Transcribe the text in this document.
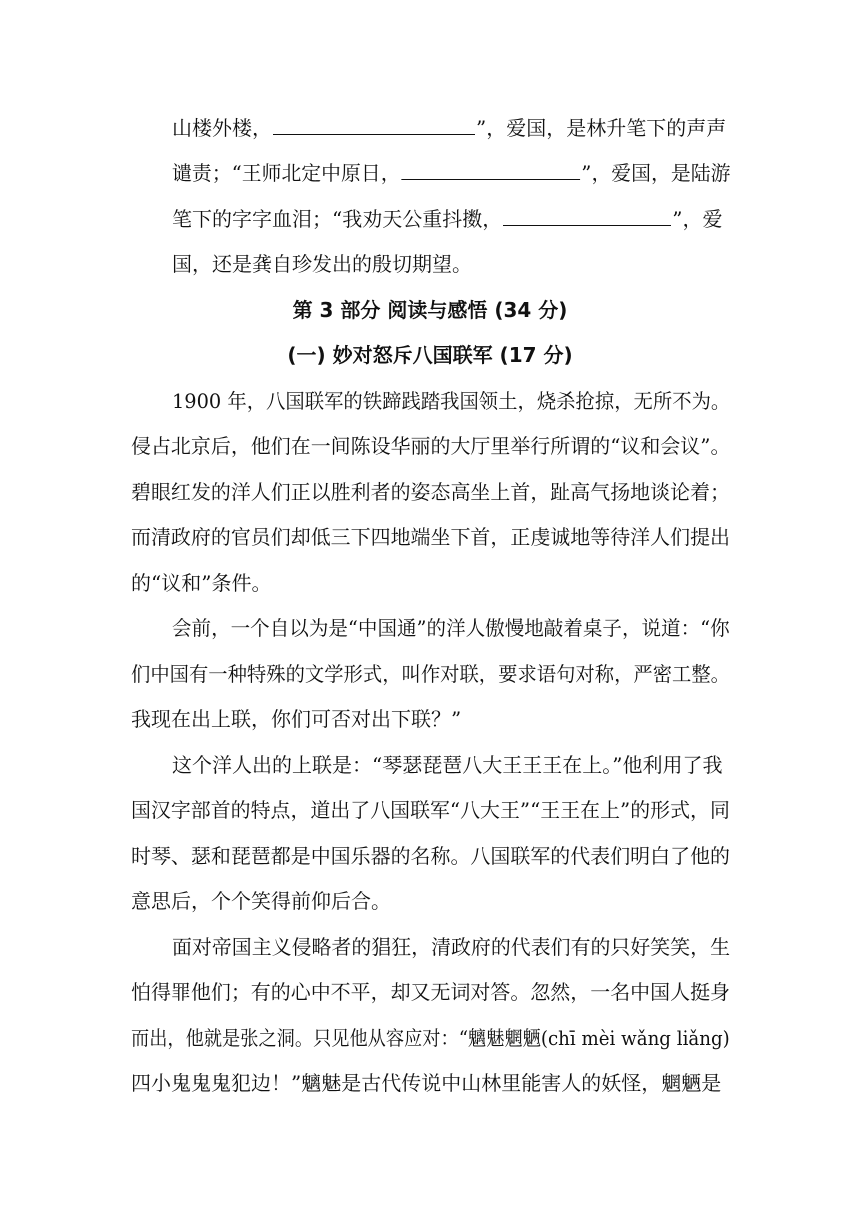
山楼外楼，	”，爱国，是林升笔下的声声
谴责；“王师北定中原日，	”，爱国，是陆游
笔下的字字血泪；“我劝天公重抖擞，	”，爱
国，还是龚自珍发出的殷切期望。
第 3 部分 阅读与感悟 (34 分)
(一) 妙对怒斥八国联军 (17 分)
1900 年，八国联军的铁蹄践踏我国领土，烧杀抢掠，无所不为。
侵占北京后，他们在一间陈设华丽的大厅里举行所谓的“议和会议”。
碧眼红发的洋人们正以胜利者的姿态高坐上首，趾高气扬地谈论着；
而清政府的官员们却低三下四地端坐下首，正虔诚地等待洋人们提出
的“议和”条件。
会前，一个自以为是“中国通”的洋人傲慢地敲着桌子，说道：“你
们中国有一种特殊的文学形式，叫作对联，要求语句对称，严密工整。
我现在出上联，你们可否对出下联？”
这个洋人出的上联是：“琴瑟琵琶八大王王王在上。”他利用了我
国汉字部首的特点，道出了八国联军“八大王”“王王在上”的形式，同
时琴、瑟和琵琶都是中国乐器的名称。八国联军的代表们明白了他的
意思后，个个笑得前仰后合。
面对帝国主义侵略者的猖狂，清政府的代表们有的只好笑笑，生
怕得罪他们；有的心中不平，却又无词对答。忽然，一名中国人挺身
而出，他就是张之洞。只见他从容应对：“魑魅魍魉(chī mèi wǎng liǎng)
四小鬼鬼鬼犯边！”魑魅是古代传说中山林里能害人的妖怪，魍魉是
